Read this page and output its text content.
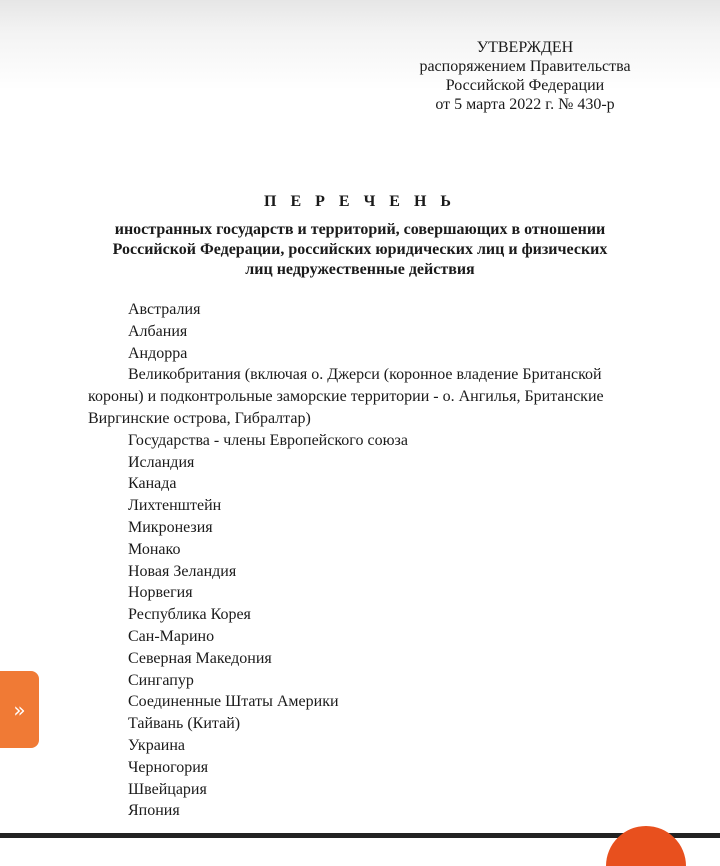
УТВЕРЖДЕН
распоряжением Правительства
Российской Федерации
от 5 марта 2022 г. № 430-р
П Е Р Е Ч Е Н Ь
иностранных государств и территорий, совершающих в отношении
Российской Федерации, российских юридических лиц и физических
лиц недружественные действия
Австралия
Албания
Андорра
Великобритания (включая о. Джерси (коронное владение Британской
короны) и подконтрольные заморские территории - о. Ангилья, Британские
Виргинские острова, Гибралтар)
Государства - члены Европейского союза
Исландия
Канада
Лихтенштейн
Микронезия
Монако
Новая Зеландия
Норвегия
Республика Корея
Сан-Марино
Северная Македония
Сингапур
Соединенные Штаты Америки
Тайвань (Китай)
Украина
Черногория
Швейцария
Япония
»
